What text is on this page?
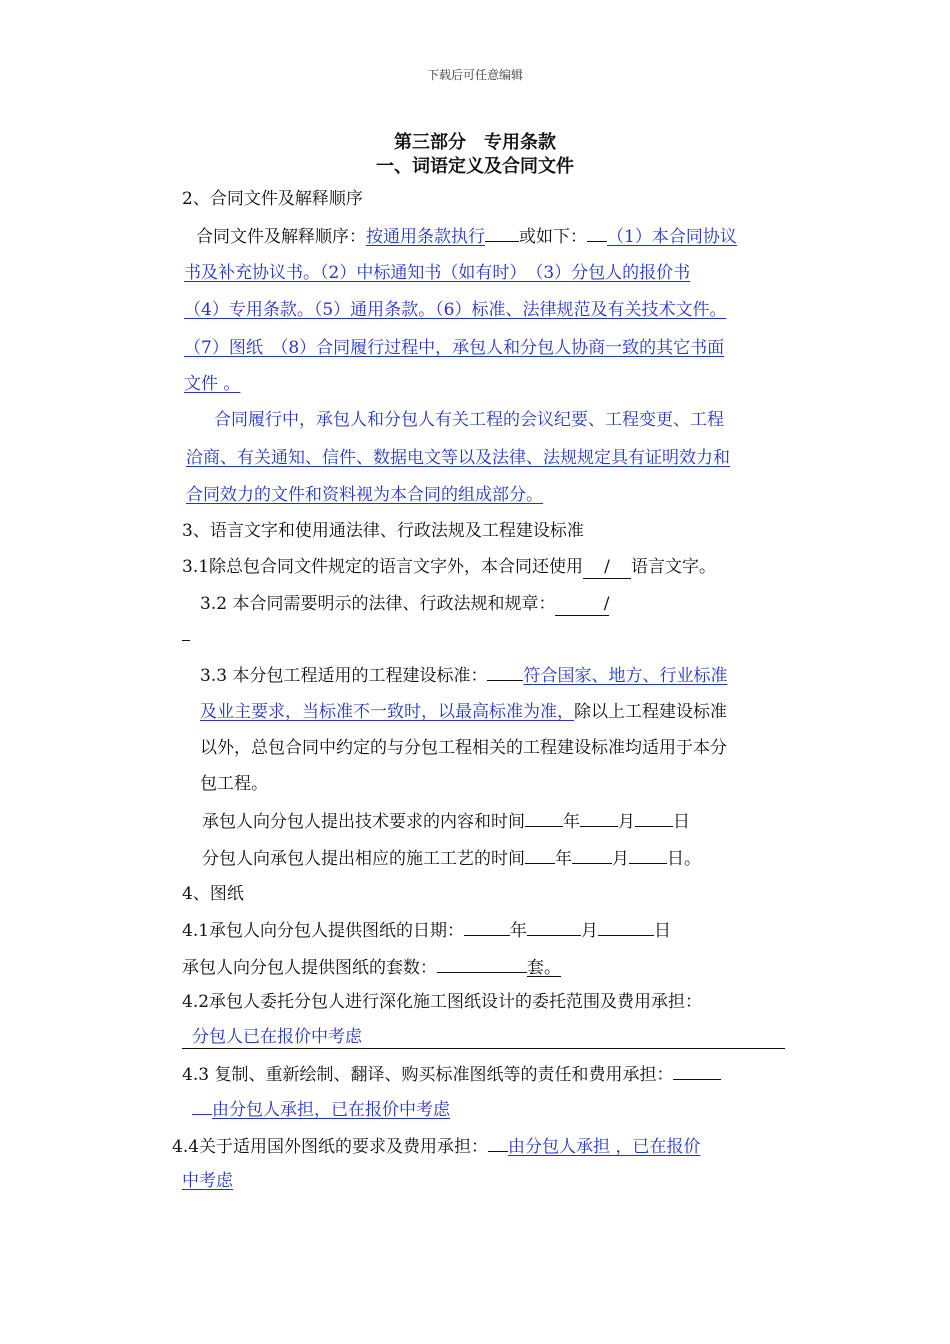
下载后可任意编辑
第三部分　专用条款
一、词语定义及合同文件
2、合同文件及解释顺序
合同文件及解释顺序：按通用条款执行 或如下： （1）本合同协议
书及补充协议书。（2）中标通知书（如有时）　（3）分包人的报价书
（4）专用条款。（5）通用条款。（6）标准、法律规范及有关技术文件。
（7）图纸　（8）合同履行过程中，承包人和分包人协商一致的其它书面
文件 。
合同履行中，承包人和分包人有关工程的会议纪要、工程变更、工程
洽商、有关通知、信件、数据电文等以及法律、法规规定具有证明效力和
合同效力的文件和资料视为本合同的组成部分。
3、语言文字和使用通法律、行政法规及工程建设标准
3.1除总包合同文件规定的语言文字外，本合同还使用 / 语言文字。
3.2 本合同需要明示的法律、行政法规和规章：	/
3.3 本分包工程适用的工程建设标准： 符合国家、地方、行业标准
及业主要求，当标准不一致时，以最高标准为准，除以上工程建设标准
以外，总包合同中约定的与分包工程相关的工程建设标准均适用于本分
包工程。
承包人向分包人提出技术要求的内容和时间 年 月 日
分包人向承包人提出相应的施工工艺的时间 年 月 日。
4、图纸
4.1承包人向分包人提供图纸的日期：	年	月	日
承包人向分包人提供图纸的套数：	套。
4.2承包人委托分包人进行深化施工图纸设计的委托范围及费用承担：
分包人已在报价中考虑
4.3 复制、重新绘制、翻译、购买标准图纸等的责任和费用承担：
由分包人承担，已在报价中考虑
4.4关于适用国外图纸的要求及费用承担： 由分包人承担 ，已在报价
中考虑
